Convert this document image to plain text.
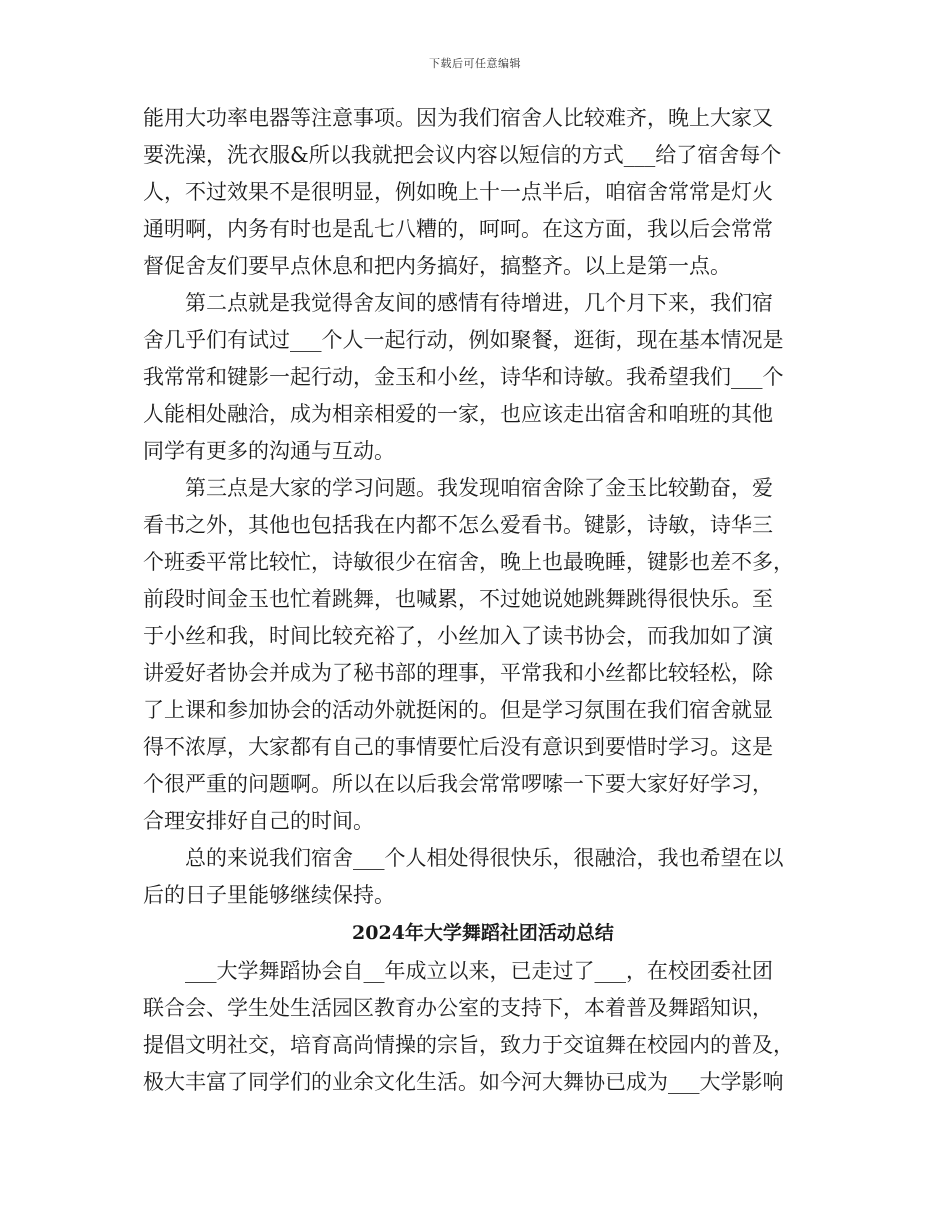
下载后可任意编辑
能用大功率电器等注意事项。因为我们宿舍人比较难齐，晚上大家又
要洗澡，洗衣服&所以我就把会议内容以短信的方式___给了宿舍每个
人，不过效果不是很明显，例如晚上十一点半后，咱宿舍常常是灯火
通明啊，内务有时也是乱七八糟的，呵呵。在这方面，我以后会常常
督促舍友们要早点休息和把内务搞好，搞整齐。以上是第一点。
第二点就是我觉得舍友间的感情有待增进，几个月下来，我们宿
舍几乎们有试过___个人一起行动，例如聚餐，逛街，现在基本情况是
我常常和键影一起行动，金玉和小丝，诗华和诗敏。我希望我们___个
人能相处融洽，成为相亲相爱的一家，也应该走出宿舍和咱班的其他
同学有更多的沟通与互动。
第三点是大家的学习问题。我发现咱宿舍除了金玉比较勤奋，爱
看书之外，其他也包括我在内都不怎么爱看书。键影，诗敏，诗华三
个班委平常比较忙，诗敏很少在宿舍，晚上也最晚睡，键影也差不多，
前段时间金玉也忙着跳舞，也喊累，不过她说她跳舞跳得很快乐。至
于小丝和我，时间比较充裕了，小丝加入了读书协会，而我加如了演
讲爱好者协会并成为了秘书部的理事，平常我和小丝都比较轻松，除
了上课和参加协会的活动外就挺闲的。但是学习氛围在我们宿舍就显
得不浓厚，大家都有自己的事情要忙后没有意识到要惜时学习。这是
个很严重的问题啊。所以在以后我会常常啰嗦一下要大家好好学习，
合理安排好自己的时间。
总的来说我们宿舍___个人相处得很快乐，很融洽，我也希望在以
后的日子里能够继续保持。
2024年大学舞蹈社团活动总结
___大学舞蹈协会自__年成立以来，已走过了___，在校团委社团
联合会、学生处生活园区教育办公室的支持下，本着普及舞蹈知识，
提倡文明社交，培育高尚情操的宗旨，致力于交谊舞在校园内的普及，
极大丰富了同学们的业余文化生活。如今河大舞协已成为___大学影响
